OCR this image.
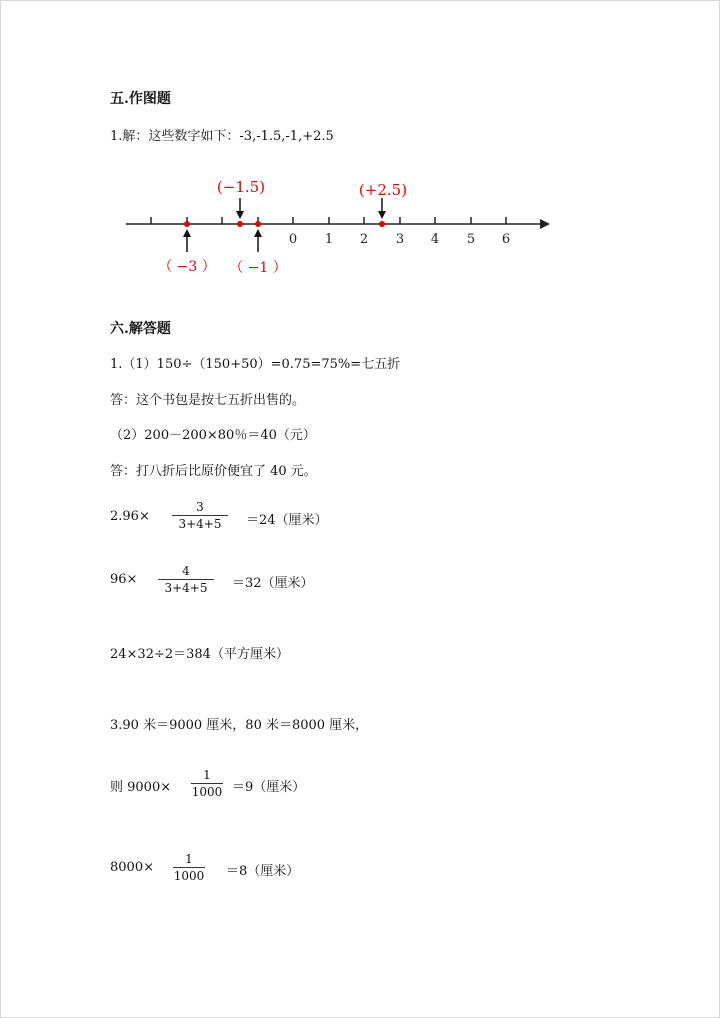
五.作图题
1.解：这些数字如下：-3,-1.5,-1,+2.5
0 1 2 3 4 5 6
(−1.5)	(+2.5)
（ −3 ） （ −1 ）
六.解答题
1.（1）150÷（150+50）=0.75=75%=七五折
答：这个书包是按七五折出售的。
（2）200－200×80％＝40（元）
答：打八折后比原价便宜了 40 元。
2.96×
3
3+4+5	＝24（厘米）
96×
4
3+4+5	＝32（厘米）
24×32÷2＝384（平方厘米）
3.90 米＝9000 厘米，80 米＝8000 厘米，
则 9000×
1
1000 ＝9（厘米）
8000×
1
1000 ＝8（厘米）
